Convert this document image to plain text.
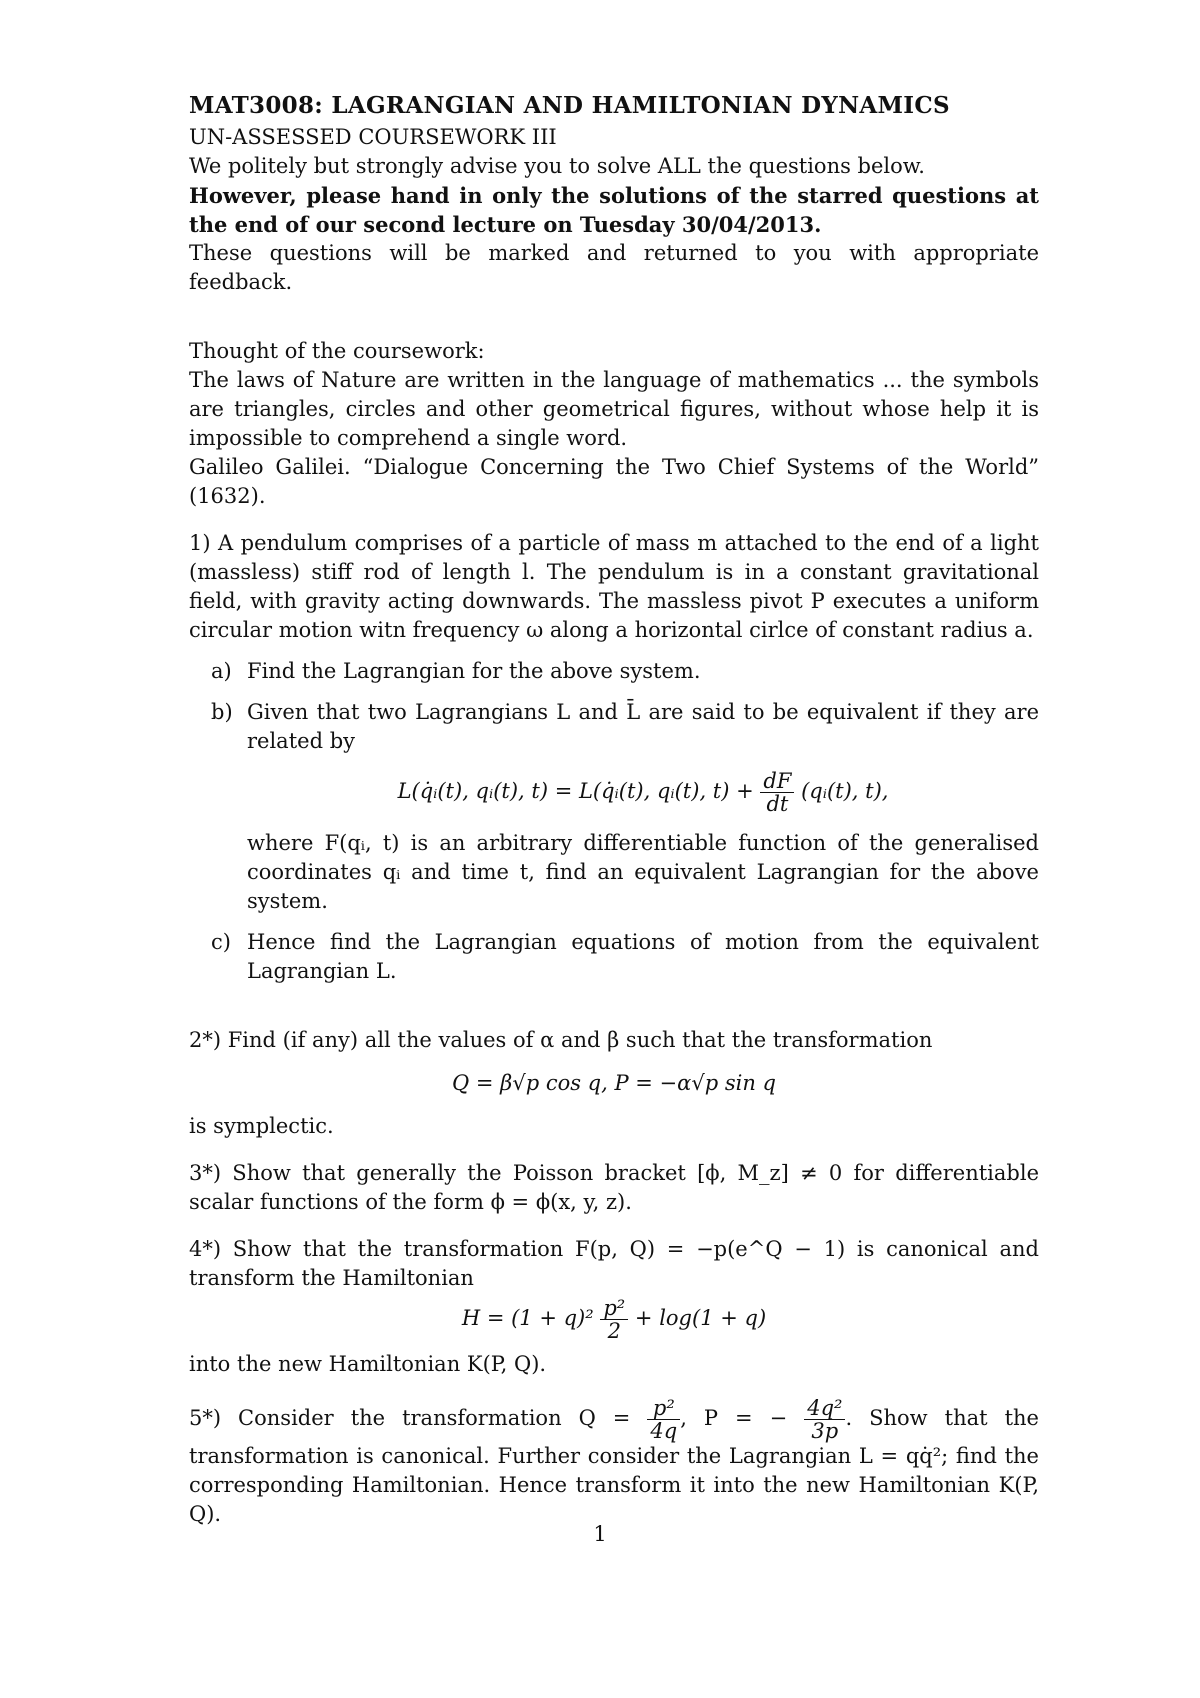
MAT3008: LAGRANGIAN AND HAMILTONIAN DYNAMICS
UN-ASSESSED COURSEWORK III

We politely but strongly advise you to solve ALL the questions below.

However, please hand in only the solutions of the starred questions at the end of our second lecture on Tuesday 30/04/2013.

These questions will be marked and returned to you with appropriate feedback.

Thought of the coursework:

The laws of Nature are written in the language of mathematics ... the symbols are triangles, circles and other geometrical figures, without whose help it is impossible to comprehend a single word.

Galileo Galilei. “Dialogue Concerning the Two Chief Systems of the World” (1632).

1) A pendulum comprises of a particle of mass m attached to the end of a light (massless) stiff rod of length l. The pendulum is in a constant gravitational field, with gravity acting downwards. The massless pivot P executes a uniform circular motion witn frequency ω along a horizontal cirlce of constant radius a.

a) Find the Lagrangian for the above system.
b) Given that two Lagrangians L and L̄ are said to be equivalent if they are related by
L(q̇ᵢ(t), qᵢ(t), t) = L(q̇ᵢ(t), qᵢ(t), $t) + \frac{dF}{dt}$ (qᵢ(t), t),
where F(qᵢ, t) is an arbitrary differentiable function of the generalised coordinates qᵢ and time t, find an equivalent Lagrangian for the above system.
c) Hence find the Lagrangian equations of motion from the equivalent Lagrangian L.

2*) Find (if any) all the values of α and β such that the transformation

Q = β√p cos q, P = −α√p sin q

is symplectic.

3*) Show that generally the Poisson bracket [ϕ, M_z] ≠ 0 for differentiable scalar functions of the form ϕ = ϕ(x, y, z).

4*) Show that the transformation F(p, Q) = −p(e^Q − 1) is canonical and transform the Hamiltonian

$H = (1 + q)^2 \frac{\text{p²}}{2} + \log(1 + q)$

into the new Hamiltonian K(P, Q).

5*) Consider the transformation $Q = \frac{\text{p²}}{4q}$ , P = − $\frac{\text{4q²}}{3p}$ . Show that the transformation is canonical. Further consider the Lagrangian L = qq̇²; find the corresponding Hamiltonian. Hence transform it into the new Hamiltonian K(P, Q).

1
